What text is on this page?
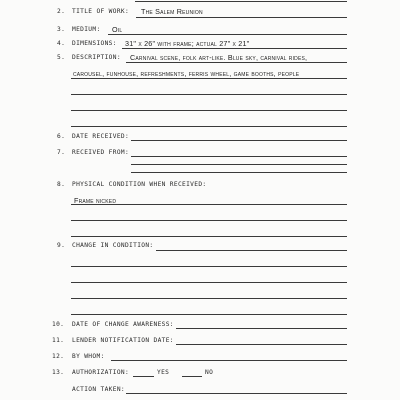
2. TITLE OF WORK: The Salem Reunion
3. MEDIUM: Oil
4. DIMENSIONS: 31" x 26" with frame; actual 27" x 21"
5. DESCRIPTION: Carnival scene, folk art-like. Blue sky, carnival rides,
carousel, funhouse, refreshments, ferris wheel, game booths, people
6. DATE RECEIVED:
7. RECEIVED FROM:
8. PHYSICAL CONDITION WHEN RECEIVED:
Frame nicked
9. CHANGE IN CONDITION:
10. DATE OF CHANGE AWARENESS:
11. LENDER NOTIFICATION DATE:
12. BY WHOM:
13. AUTHORIZATION:	YES	NO
ACTION TAKEN:
